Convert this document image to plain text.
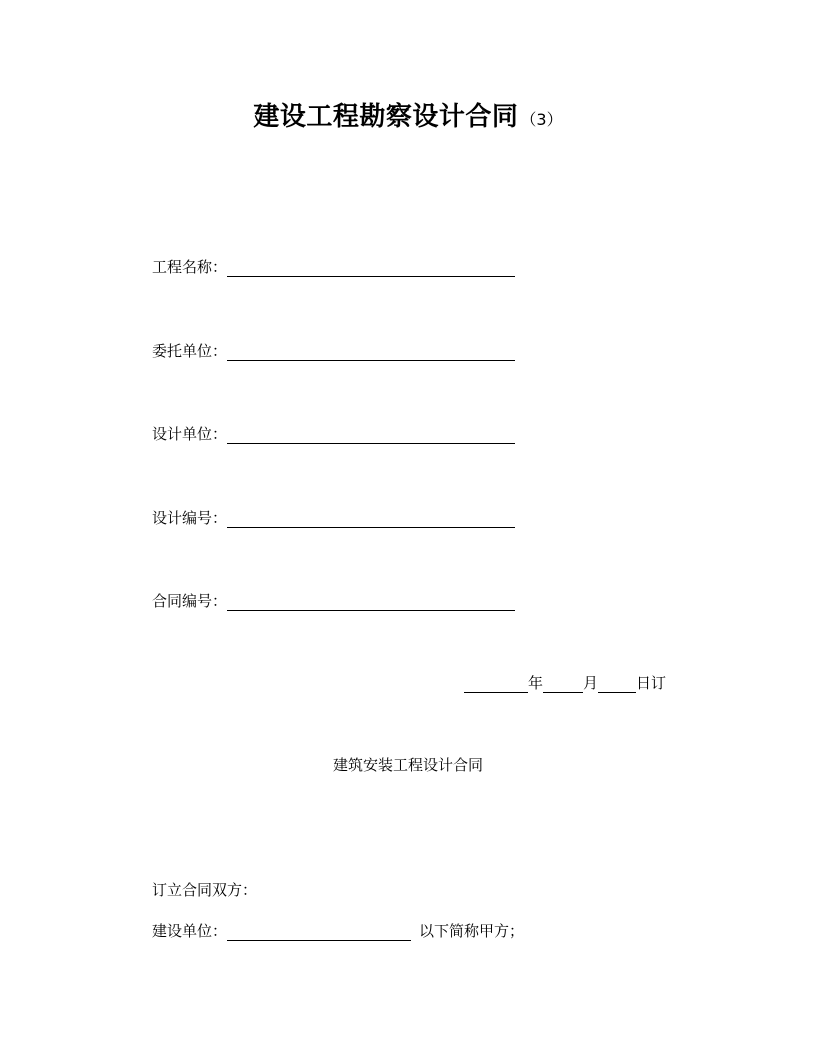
建设工程勘察设计合同 （3）
工程名称：
委托单位：
设计单位：
设计编号：
合同编号：
年	月	日订
建筑安装工程设计合同
订立合同双方：
建设单位：	以下简称甲方；
